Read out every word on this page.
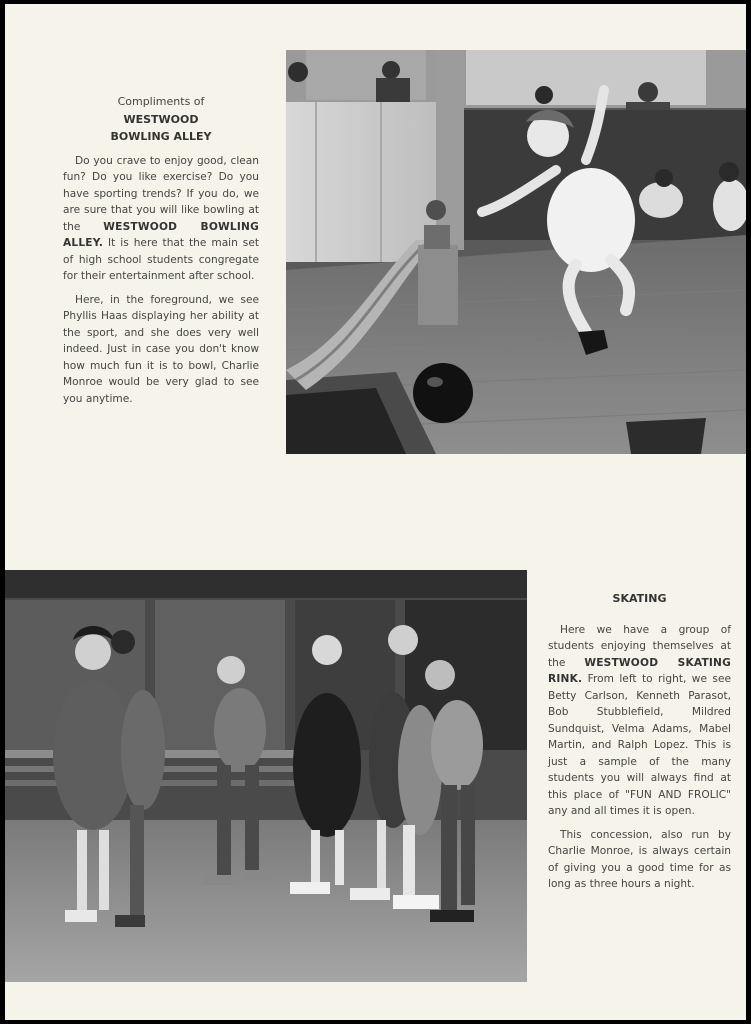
Compliments of

WESTWOOD
BOWLING ALLEY

Do you crave to enjoy good, clean fun? Do you like exercise? Do you have sporting trends? If you do, we are sure that you will like bowling at the WESTWOOD BOWLING ALLEY. It is here that the main set of high school students congregate for their entertainment after school.

Here, in the foreground, we see Phyllis Haas displaying her ability at the sport, and she does very well indeed. Just in case you don't know how much fun it is to bowl, Charlie Monroe would be very glad to see you anytime.

SKATING

Here we have a group of students enjoying themselves at the WESTWOOD SKATING RINK. From left to right, we see Betty Carlson, Kenneth Parasot, Bob Stubblefield, Mildred Sundquist, Velma Adams, Mabel Martin, and Ralph Lopez. This is just a sample of the many students you will always find at this place of "FUN AND FROLIC" any and all times it is open.

This concession, also run by Charlie Monroe, is always certain of giving you a good time for as long as three hours a night.
